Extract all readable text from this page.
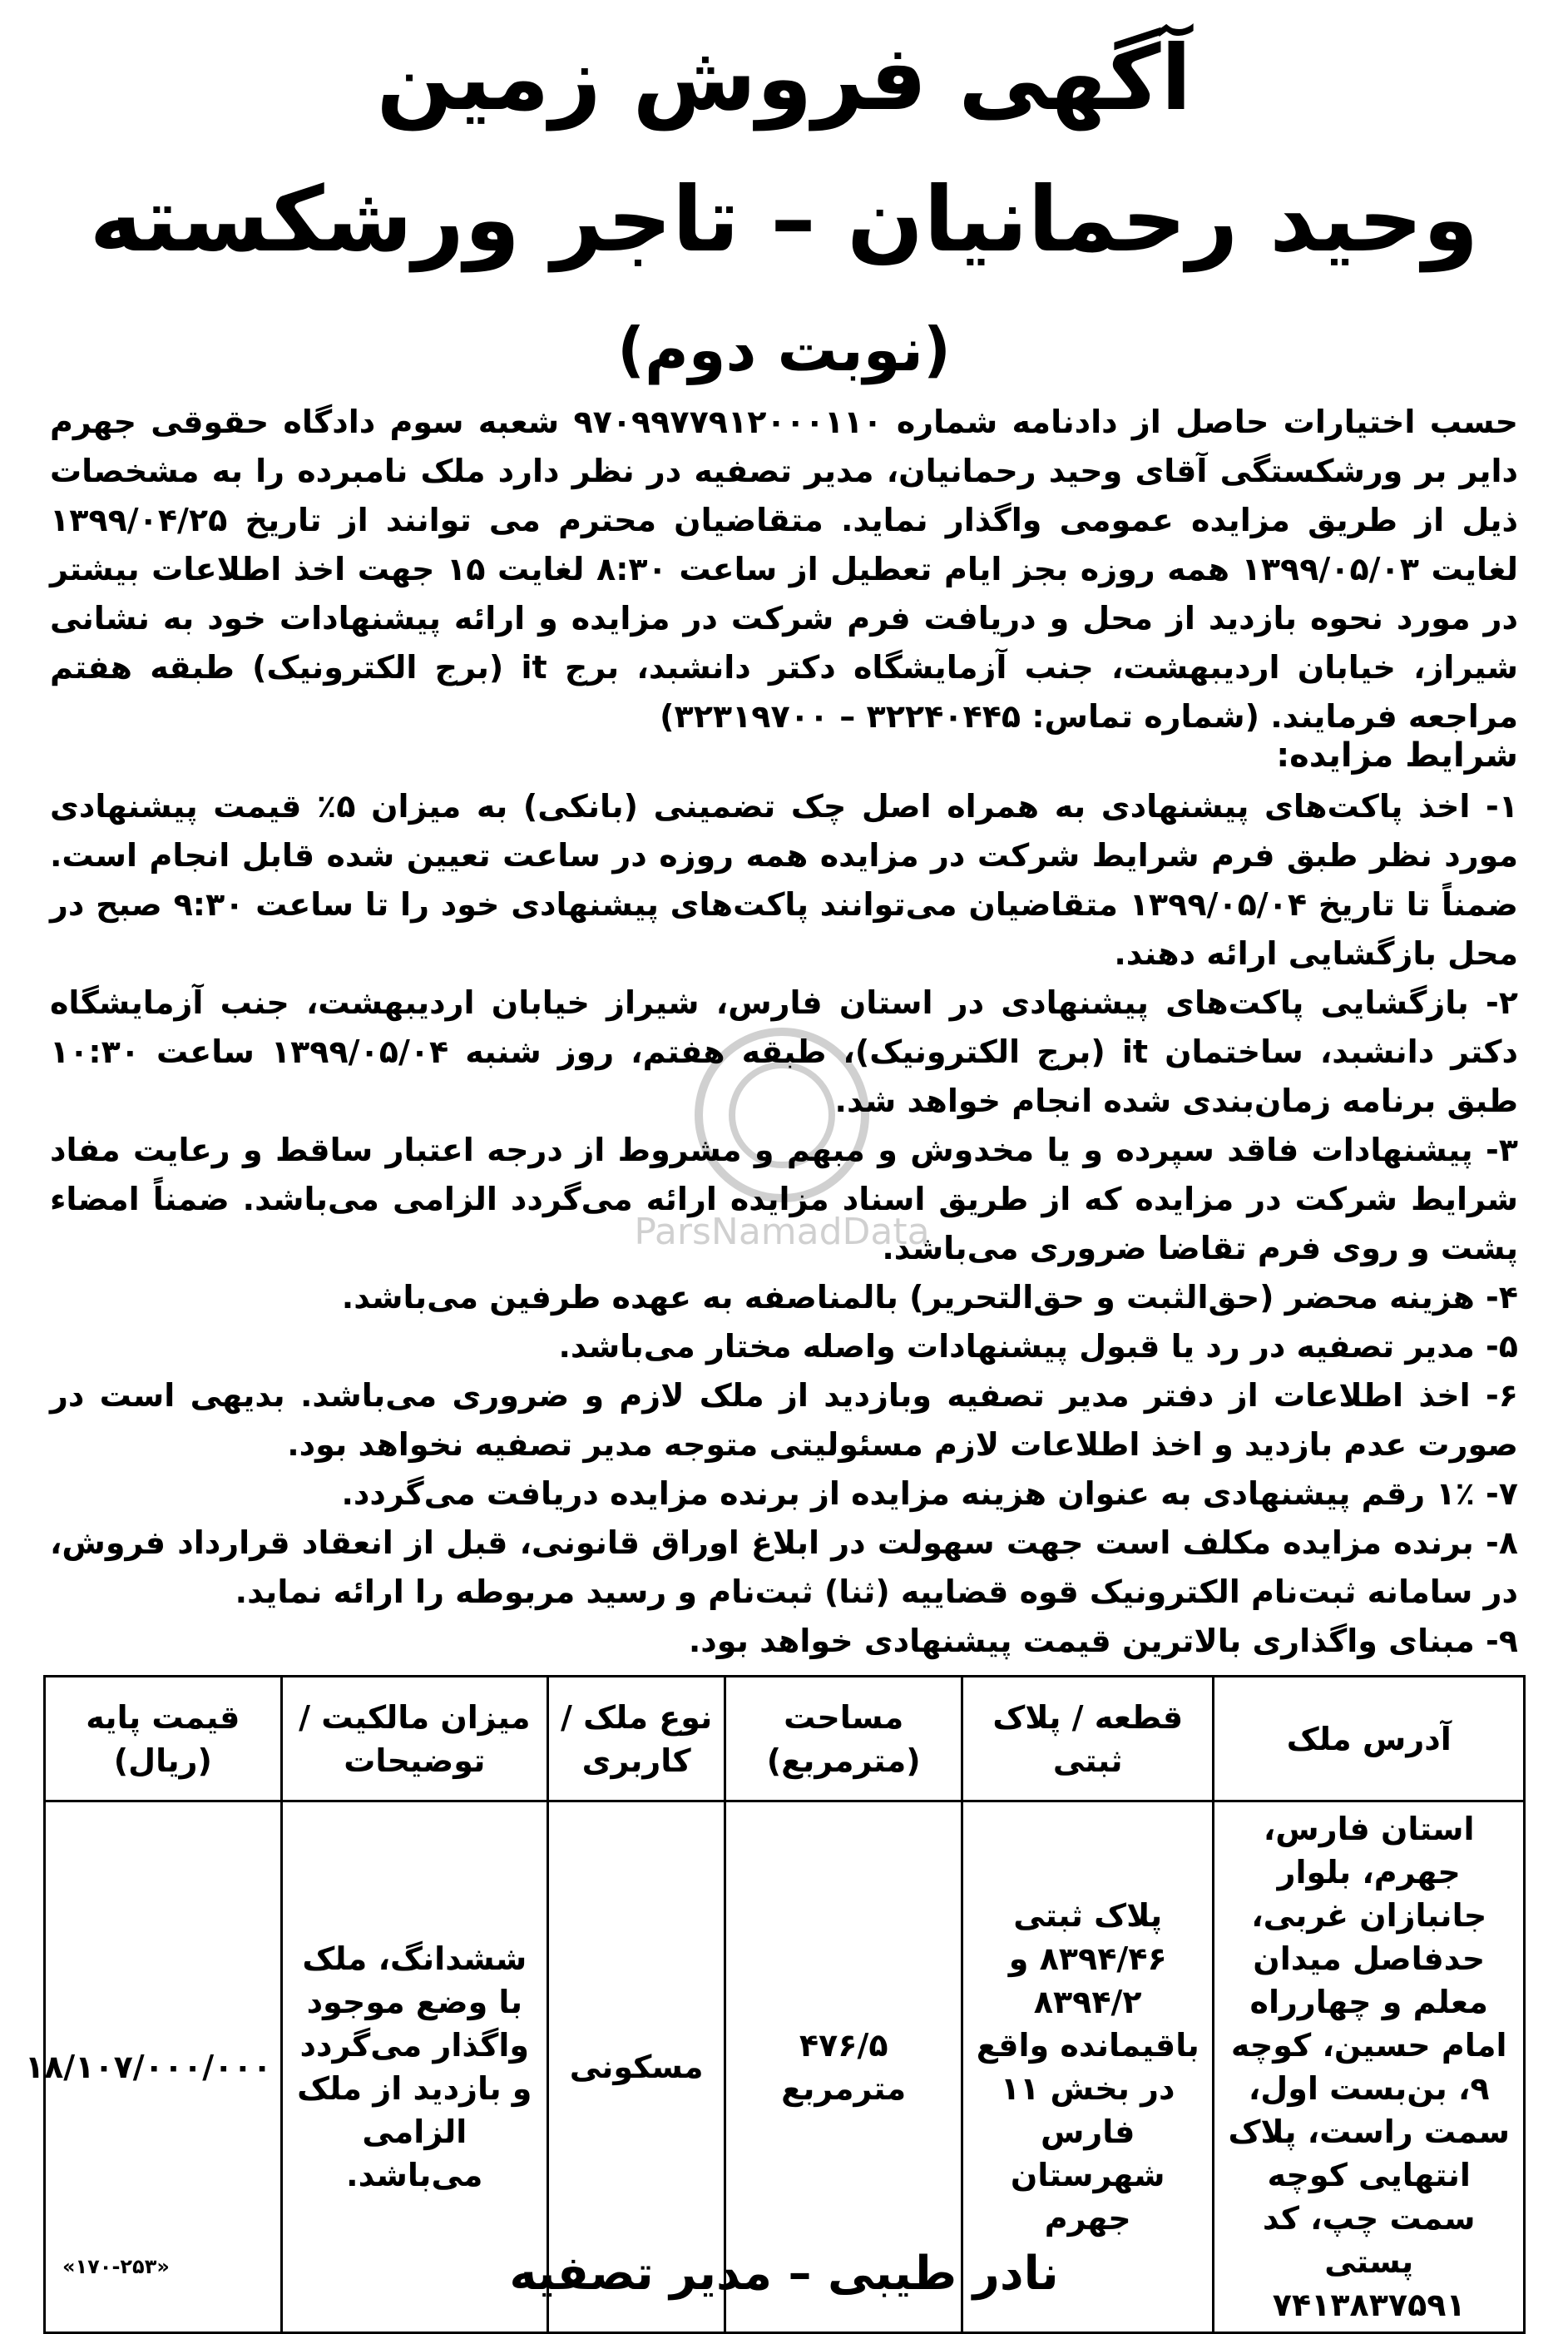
آگهی فروش زمین
وحید رحمانیان – تاجر ورشکسته
(نوبت دوم)
حسب اختیارات حاصل از دادنامه شماره ۹۷۰۹۹۷۷۹۱۲۰۰۰۱۱۰ شعبه سوم دادگاه حقوقی جهرم دایر بر ورشکستگی آقای وحید رحمانیان، مدیر تصفیه در نظر دارد ملک نامبرده را به مشخصات ذیل از طریق مزایده عمومی واگذار نماید. متقاضیان محترم می توانند از تاریخ ۱۳۹۹/۰۴/۲۵ لغایت ۱۳۹۹/۰۵/۰۳ همه روزه بجز ایام تعطیل از ساعت ۸:۳۰ لغایت ۱۵ جهت اخذ اطلاعات بیشتر در مورد نحوه بازدید از محل و دریافت فرم شرکت در مزایده و ارائه پیشنهادات خود به نشانی شیراز، خیابان اردیبهشت، جنب آزمایشگاه دکتر دانشبد، برج it (برج الکترونیک) طبقه هفتم مراجعه فرمایند. (شماره تماس: ۳۲۲۴۰۴۴۵ – ۳۲۳۱۹۷۰۰)
شرایط مزایده:

۱- اخذ پاکت‌های پیشنهادی به همراه اصل چک تضمینی (بانکی) به میزان ۵٪ قیمت پیشنهادی مورد نظر طبق فرم شرایط شرکت در مزایده همه روزه در ساعت تعیین شده قابل انجام است. ضمناً تا تاریخ ۱۳۹۹/۰۵/۰۴ متقاضیان می‌توانند پاکت‌های پیشنهادی خود را تا ساعت ۹:۳۰ صبح در محل بازگشایی ارائه دهند.

۲- بازگشایی پاکت‌های پیشنهادی در استان فارس، شیراز خیابان اردیبهشت، جنب آزمایشگاه دکتر دانشبد، ساختمان it (برج الکترونیک)، طبقه هفتم، روز شنبه ۱۳۹۹/۰۵/۰۴ ساعت ۱۰:۳۰ طبق برنامه زمان‌بندی شده انجام خواهد شد.

۳- پیشنهادات فاقد سپرده و یا مخدوش و مبهم و مشروط از درجه اعتبار ساقط و رعایت مفاد شرایط شرکت در مزایده که از طریق اسناد مزایده ارائه می‌گردد الزامی می‌باشد. ضمناً امضاء پشت و روی فرم تقاضا ضروری می‌باشد.

۴- هزینه محضر (حق‌الثبت و حق‌التحریر) بالمناصفه به عهده طرفین می‌باشد.

۵- مدیر تصفیه در رد یا قبول پیشنهادات واصله مختار می‌باشد.

۶- اخذ اطلاعات از دفتر مدیر تصفیه وبازدید از ملک لازم و ضروری می‌باشد. بدیهی است در صورت عدم بازدید و اخذ اطلاعات لازم مسئولیتی متوجه مدیر تصفیه نخواهد بود.

۷- ۱٪ رقم پیشنهادی به عنوان هزینه مزایده از برنده مزایده دریافت می‌گردد.

۸- برنده مزایده مکلف است جهت سهولت در ابلاغ اوراق قانونی، قبل از انعقاد قرارداد فروش، در سامانه ثبت‌نام الکترونیک قوه قضاییه (ثنا) ثبت‌نام و رسید مربوطه را ارائه نماید.

۹- مبنای واگذاری بالاترین قیمت پیشنهادی خواهد بود.

ParsNamadData
آدرس ملک	قطعه / پلاک ثبتی	مساحت (مترمربع)	نوع ملک / کاربری	میزان مالکیت / توضیحات	قیمت پایه (ریال)
استان فارس، جهرم، بلوار جانبازان غربی، حدفاصل میدان معلم و چهارراه امام حسین، کوچه ۹، بن‌بست اول، سمت راست، پلاک انتهایی کوچه سمت چپ، کد پستی ۷۴۱۳۸۳۷۵۹۱	پلاک ثبتی ۸۳۹۴/۴۶ و ۸۳۹۴/۲ باقیمانده واقع در بخش ۱۱ فارس شهرستان جهرم	۴۷۶/۵ مترمربع	مسکونی	ششدانگ، ملک با وضع موجود واگذار می‌گردد و بازدید از ملک الزامی می‌باشد.	۱۸/۱۰۷/۰۰۰/۰۰۰
نادر طیبی – مدیر تصفیه
«۱۷۰-۲۵۳»
